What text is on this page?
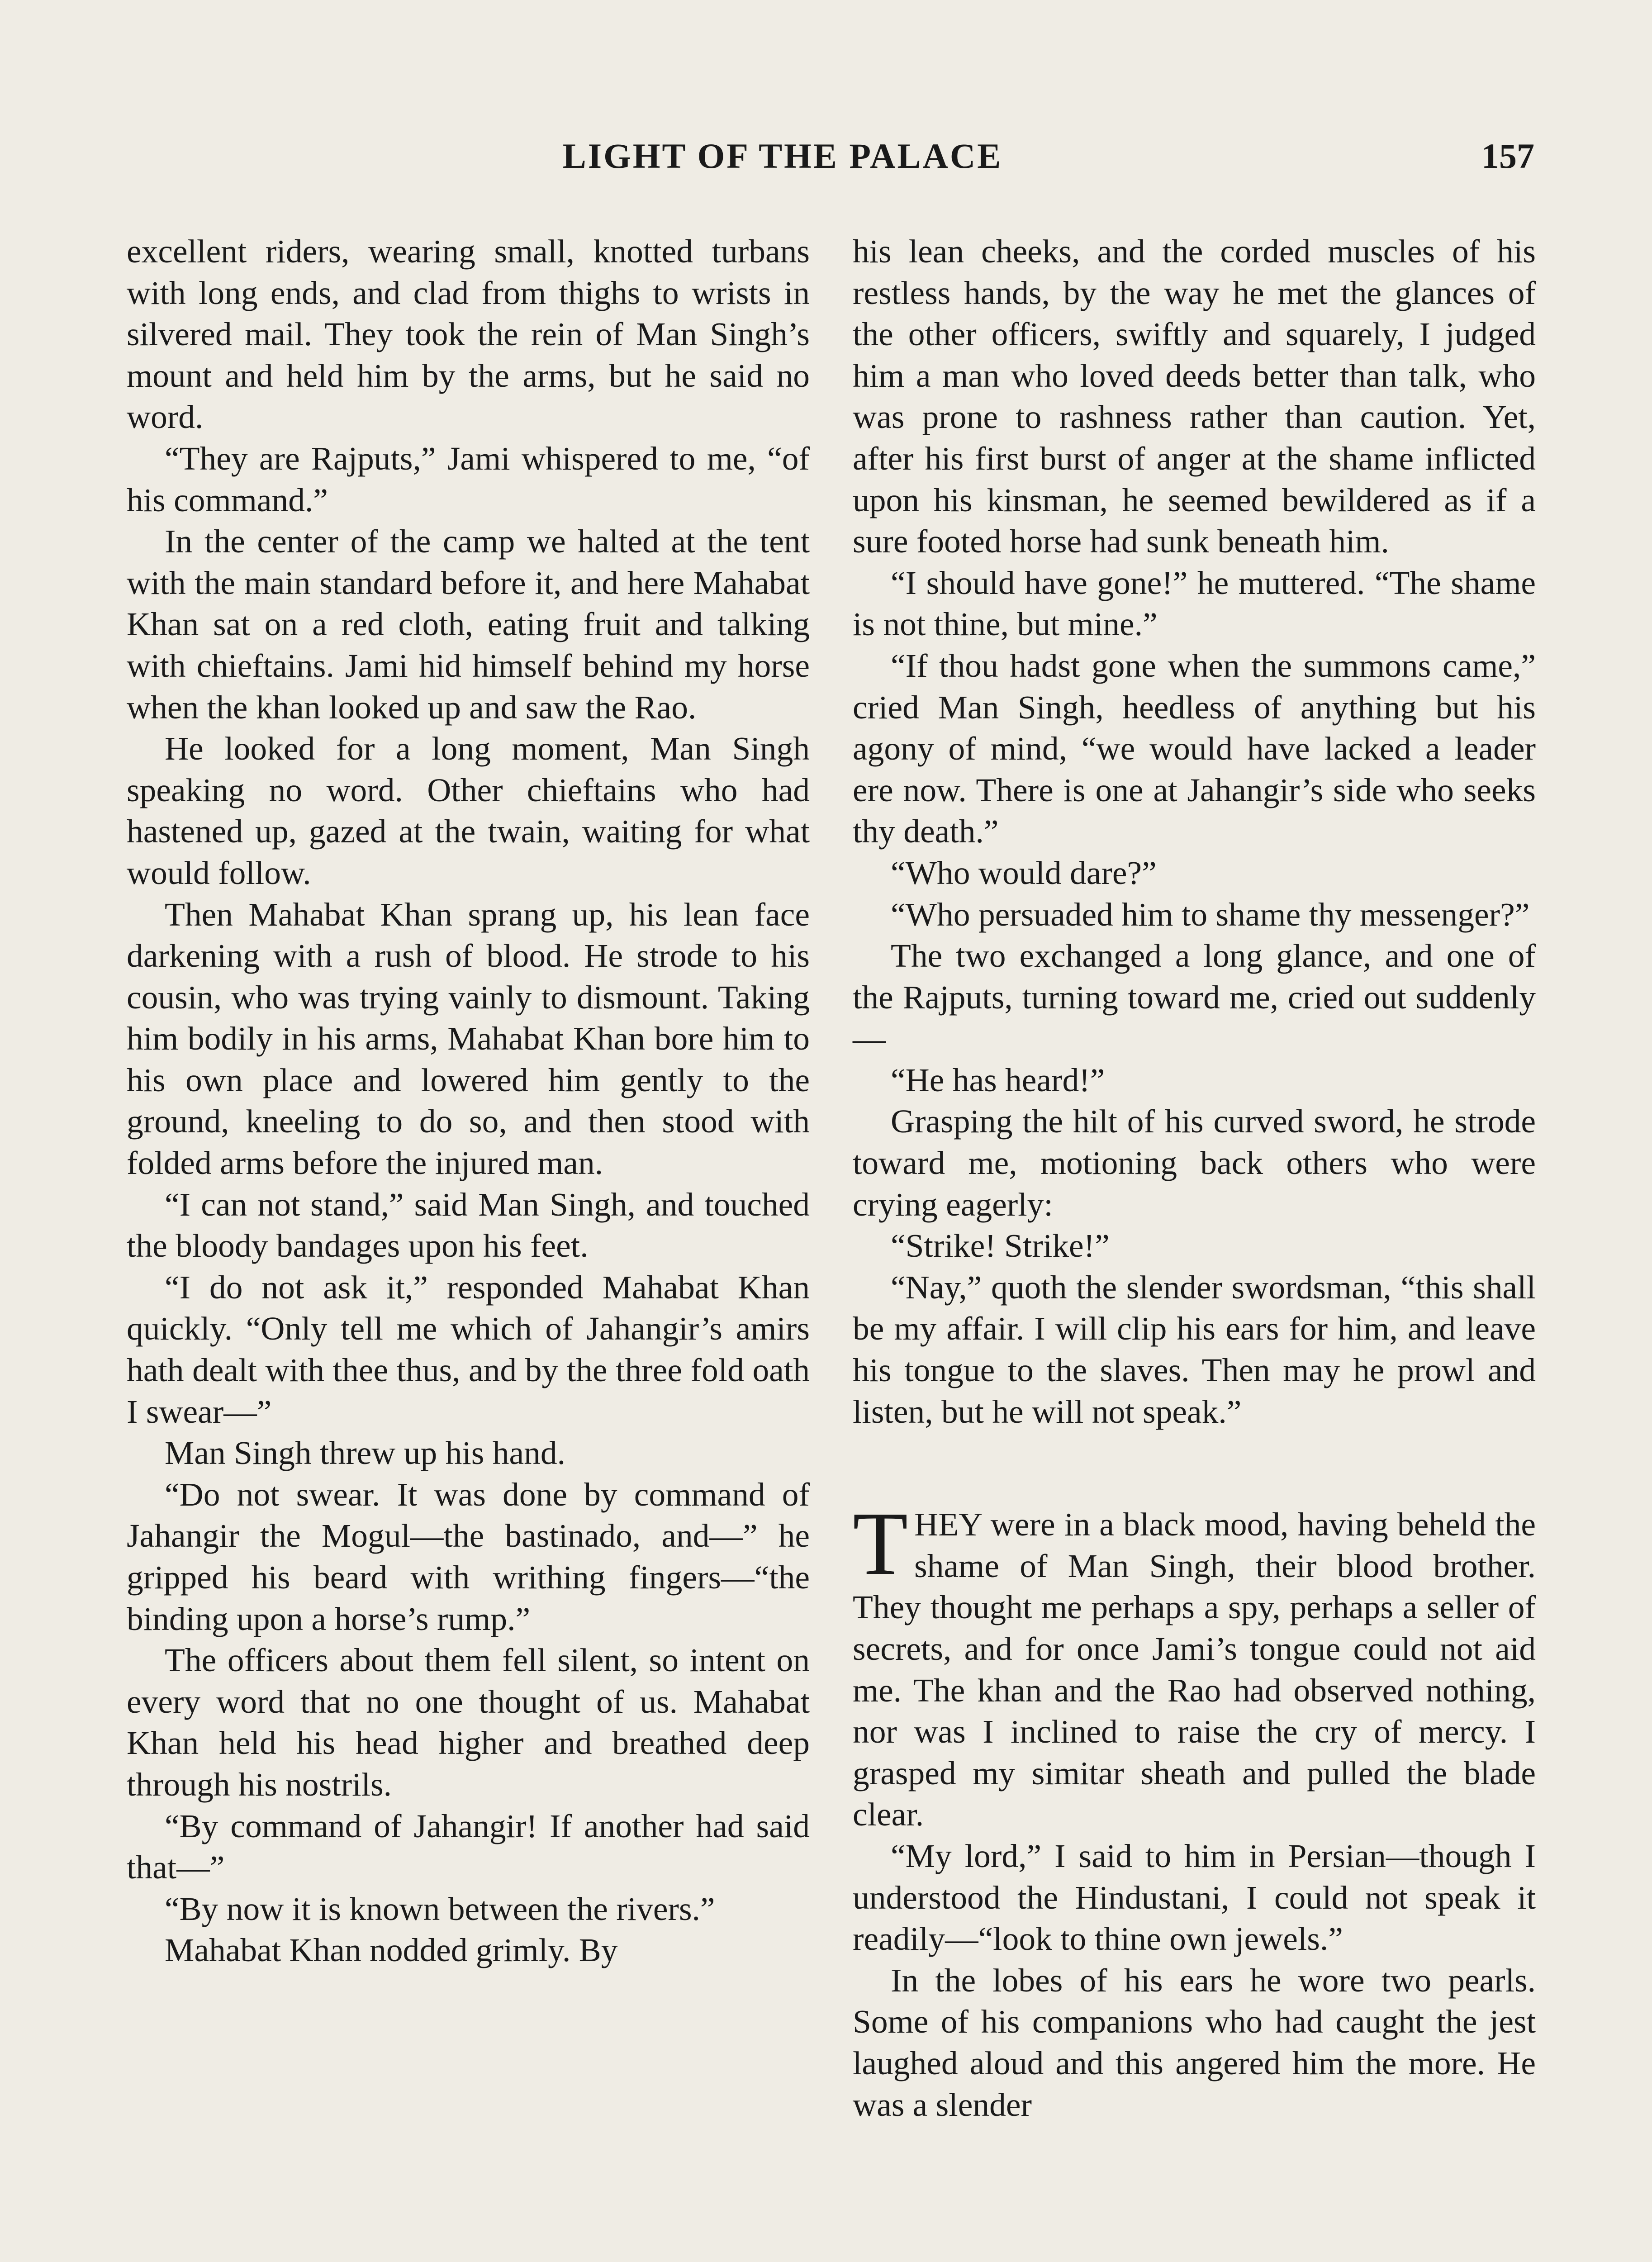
LIGHT OF THE PALACE	157

excellent riders, wearing small, knotted turbans with long ends, and clad from thighs to wrists in silvered mail. They took the rein of Man Singh’s mount and held him by the arms, but he said no word.

“They are Rajputs,” Jami whispered to me, “of his command.”

In the center of the camp we halted at the tent with the main standard before it, and here Mahabat Khan sat on a red cloth, eating fruit and talking with chieftains. Jami hid himself behind my horse when the khan looked up and saw the Rao.

He looked for a long moment, Man Singh speaking no word. Other chieftains who had hastened up, gazed at the twain, waiting for what would follow.

Then Mahabat Khan sprang up, his lean face darkening with a rush of blood. He strode to his cousin, who was trying vainly to dismount. Taking him bodily in his arms, Mahabat Khan bore him to his own place and lowered him gently to the ground, kneeling to do so, and then stood with folded arms before the injured man.

“I can not stand,” said Man Singh, and touched the bloody bandages upon his feet.

“I do not ask it,” responded Mahabat Khan quickly. “Only tell me which of Jahangir’s amirs hath dealt with thee thus, and by the three fold oath I swear—”

Man Singh threw up his hand.

“Do not swear. It was done by command of Jahangir the Mogul—the bastinado, and—” he gripped his beard with writhing fingers—“the binding upon a horse’s rump.”

The officers about them fell silent, so intent on every word that no one thought of us. Mahabat Khan held his head higher and breathed deep through his nostrils.

“By command of Jahangir! If another had said that—”

“By now it is known between the rivers.”

Mahabat Khan nodded grimly. By

his lean cheeks, and the corded muscles of his restless hands, by the way he met the glances of the other officers, swiftly and squarely, I judged him a man who loved deeds better than talk, who was prone to rashness rather than caution. Yet, after his first burst of anger at the shame inflicted upon his kinsman, he seemed bewildered as if a sure footed horse had sunk beneath him.

“I should have gone!” he muttered. “The shame is not thine, but mine.”

“If thou hadst gone when the summons came,” cried Man Singh, heedless of anything but his agony of mind, “we would have lacked a leader ere now. There is one at Jahangir’s side who seeks thy death.”

“Who would dare?”

“Who persuaded him to shame thy messenger?”

The two exchanged a long glance, and one of the Rajputs, turning toward me, cried out suddenly—

“He has heard!”

Grasping the hilt of his curved sword, he strode toward me, motioning back others who were crying eagerly:

“Strike! Strike!”

“Nay,” quoth the slender swordsman, “this shall be my affair. I will clip his ears for him, and leave his tongue to the slaves. Then may he prowl and listen, but he will not speak.”

THEY were in a black mood, having beheld the shame of Man Singh, their blood brother. They thought me perhaps a spy, perhaps a seller of secrets, and for once Jami’s tongue could not aid me. The khan and the Rao had observed nothing, nor was I inclined to raise the cry of mercy. I grasped my simitar sheath and pulled the blade clear.

“My lord,” I said to him in Persian—though I understood the Hindustani, I could not speak it readily—“look to thine own jewels.”

In the lobes of his ears he wore two pearls. Some of his companions who had caught the jest laughed aloud and this angered him the more. He was a slender
